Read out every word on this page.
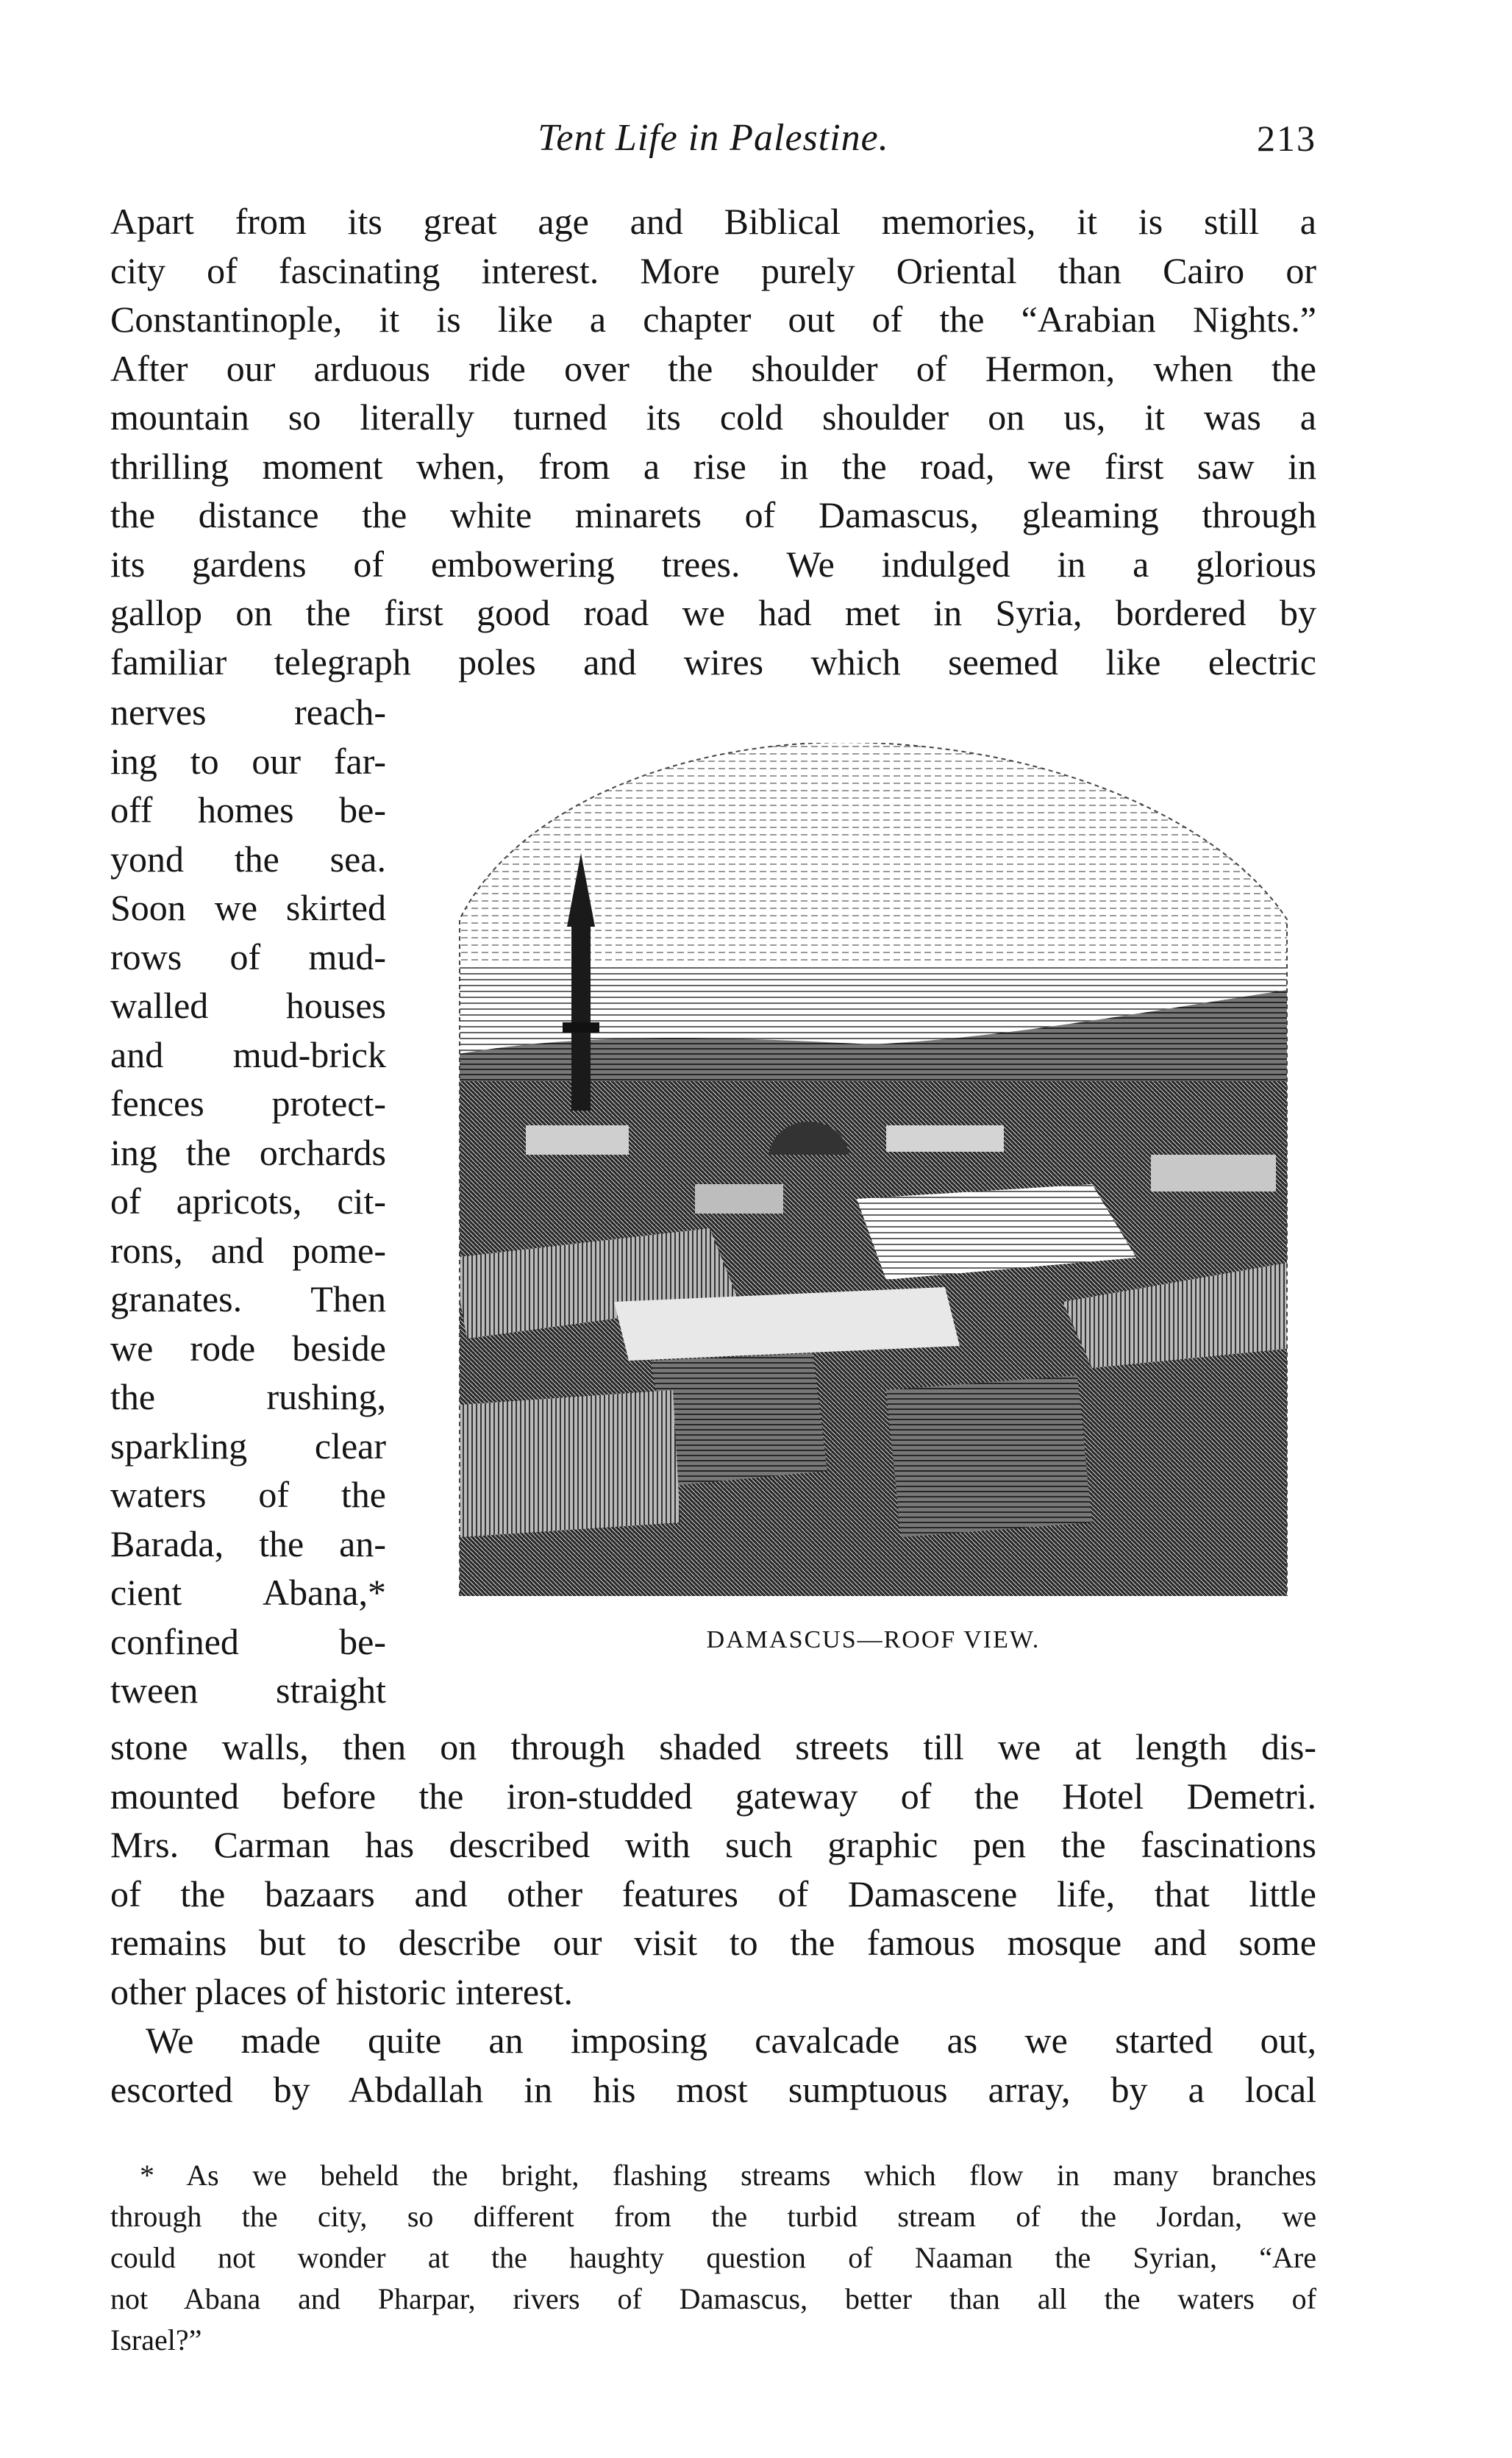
Tent Life in Palestine.	213
Apart from its great age and Biblical memories, it is still a
city of fascinating interest. More purely Oriental than Cairo or
Constantinople, it is like a chapter out of the “Arabian Nights.”
After our arduous ride over the shoulder of Hermon, when the
mountain so literally turned its cold shoulder on us, it was a
thrilling moment when, from a rise in the road, we first saw in
the distance the white minarets of Damascus, gleaming through
its gardens of embowering trees. We indulged in a glorious
gallop on the first good road we had met in Syria, bordered by
familiar telegraph poles and wires which seemed like electric
nerves reach-
ing to our far-
off homes be-
yond the sea.
Soon we skirted
rows of mud-
walled houses
and mud-brick
fences protect-
ing the orchards
of apricots, cit-
rons, and pome-
granates. Then
we rode beside
the rushing,
sparkling clear
waters of the
Barada, the an-
cient Abana,*
confined be-
tween straight
DAMASCUS—ROOF VIEW.
stone walls, then on through shaded streets till we at length dis-
mounted before the iron-studded gateway of the Hotel Demetri.
Mrs. Carman has described with such graphic pen the fascinations
of the bazaars and other features of Damascene life, that little
remains but to describe our visit to the famous mosque and some
other places of historic interest.
We made quite an imposing cavalcade as we started out,
escorted by Abdallah in his most sumptuous array, by a local
* As we beheld the bright, flashing streams which flow in many branches
through the city, so different from the turbid stream of the Jordan, we
could not wonder at the haughty question of Naaman the Syrian, “Are
not Abana and Pharpar, rivers of Damascus, better than all the waters of
Israel?”
